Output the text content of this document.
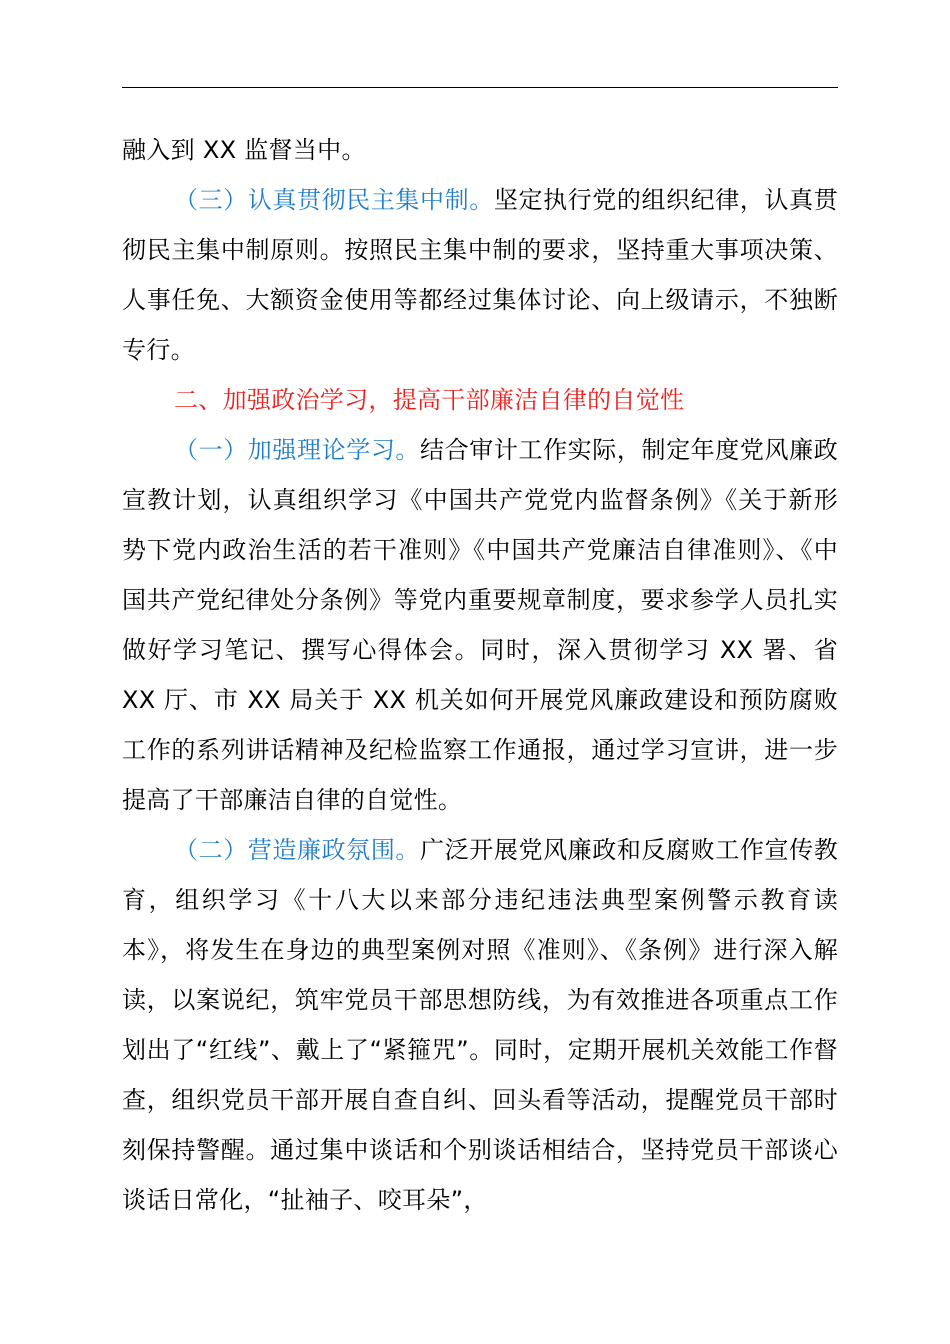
融入到 XX 监督当中。

（三）认真贯彻民主集中制。坚定执行党的组织纪律，认真贯彻民主集中制原则。按照民主集中制的要求，坚持重大事项决策、人事任免、大额资金使用等都经过集体讨论、向上级请示，不独断专行。

二、加强政治学习，提高干部廉洁自律的自觉性

（一）加强理论学习。结合审计工作实际，制定年度党风廉政宣教计划，认真组织学习《中国共产党党内监督条例》《关于新形势下党内政治生活的若干准则》《中国共产党廉洁自律准则》、《中国共产党纪律处分条例》等党内重要规章制度，要求参学人员扎实做好学习笔记、撰写心得体会。同时，深入贯彻学习 XX 署、省 XX 厅、市 XX 局关于 XX 机关如何开展党风廉政建设和预防腐败工作的系列讲话精神及纪检监察工作通报，通过学习宣讲，进一步提高了干部廉洁自律的自觉性。

（二）营造廉政氛围。广泛开展党风廉政和反腐败工作宣传教育，组织学习《十八大以来部分违纪违法典型案例警示教育读本》，将发生在身边的典型案例对照《准则》、《条例》进行深入解读，以案说纪，筑牢党员干部思想防线，为有效推进各项重点工作划出了“红线”、戴上了“紧箍咒”。同时，定期开展机关效能工作督查，组织党员干部开展自查自纠、回头看等活动，提醒党员干部时刻保持警醒。通过集中谈话和个别谈话相结合，坚持党员干部谈心谈话日常化，“扯袖子、咬耳朵”，
